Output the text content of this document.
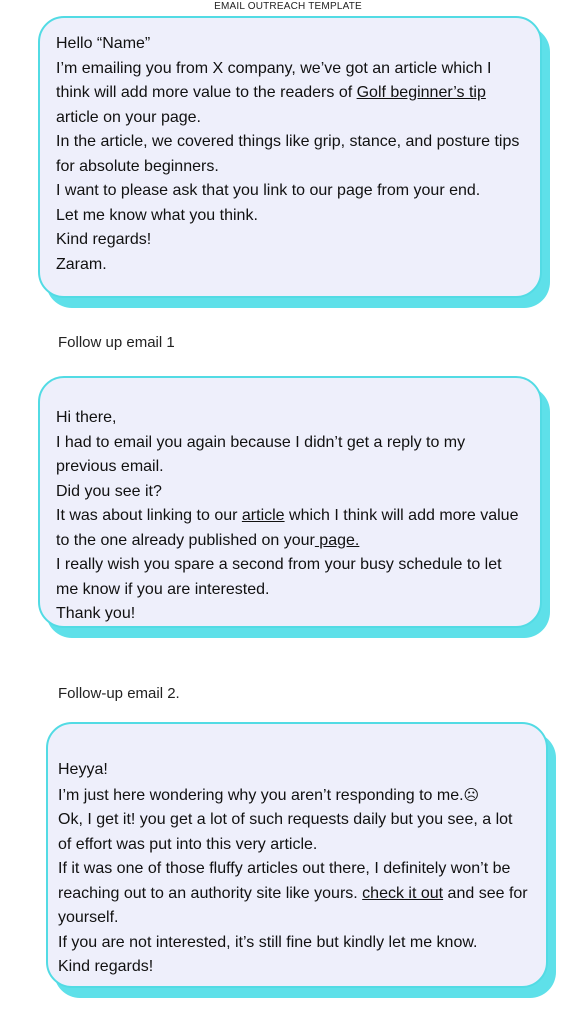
EMAIL OUTREACH TEMPLATE

Hello “Name”

I’m emailing you from X company, we’ve got an article which I think will add more value to the readers of Golf beginner’s tip article on your page.

In the article, we covered things like grip, stance, and posture tips for absolute beginners.

I want to please ask that you link to our page from your end.

Let me know what you think.

Kind regards!

Zaram.

Follow up email 1

Hi there,

I had to email you again because I didn’t get a reply to my previous email.

Did you see it?

It was about linking to our article which I think will add more value to the one already published on your page.

I really wish you spare a second from your busy schedule to let me know if you are interested.

Thank you!

Follow-up email 2.

Heyya!

I’m just here wondering why you aren’t responding to me.☹

Ok, I get it! you get a lot of such requests daily but you see, a lot of effort was put into this very article.

If it was one of those fluffy articles out there, I definitely won’t be reaching out to an authority site like yours. check it out and see for yourself.

If you are not interested, it’s still fine but kindly let me know.

Kind regards!
